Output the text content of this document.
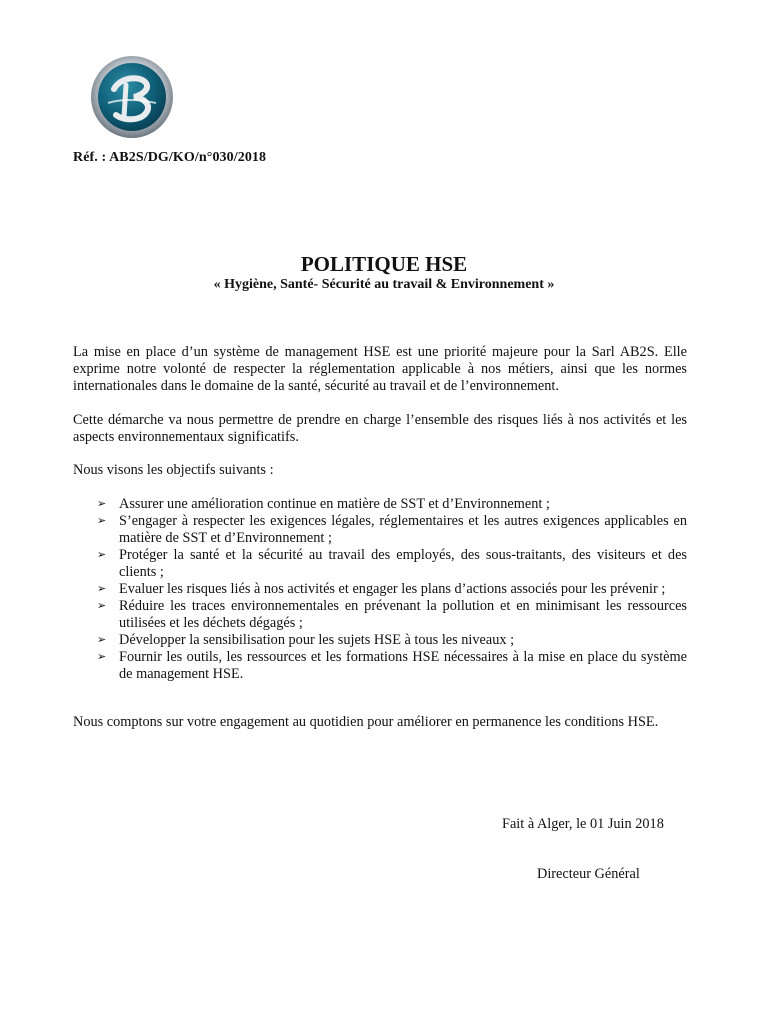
Réf. : AB2S/DG/KO/n°030/2018
POLITIQUE HSE
« Hygiène, Santé- Sécurité au travail & Environnement »
La mise en place d’un système de management HSE est une priorité majeure pour la Sarl AB2S. Elle exprime notre volonté de respecter la réglementation applicable à nos métiers, ainsi que les normes internationales dans le domaine de la santé, sécurité au travail et de l’environnement.
Cette démarche va nous permettre de prendre en charge l’ensemble des risques liés à nos activités et les aspects environnementaux significatifs.
Nous visons les objectifs suivants :
➢ Assurer une amélioration continue en matière de SST et d’Environnement ;
➢ S’engager à respecter les exigences légales, réglementaires et les autres exigences applicables en matière de SST et d’Environnement ;
➢ Protéger la santé et la sécurité au travail des employés, des sous-traitants, des visiteurs et des clients ;
➢ Evaluer les risques liés à nos activités et engager les plans d’actions associés pour les prévenir ;
➢ Réduire les traces environnementales en prévenant la pollution et en minimisant les ressources utilisées et les déchets dégagés ;
➢ Développer la sensibilisation pour les sujets HSE à tous les niveaux ;
➢ Fournir les outils, les ressources et les formations HSE nécessaires à la mise en place du système de management HSE.
Nous comptons sur votre engagement au quotidien pour améliorer en permanence les conditions HSE.
Fait à Alger, le 01 Juin 2018
Directeur Général
